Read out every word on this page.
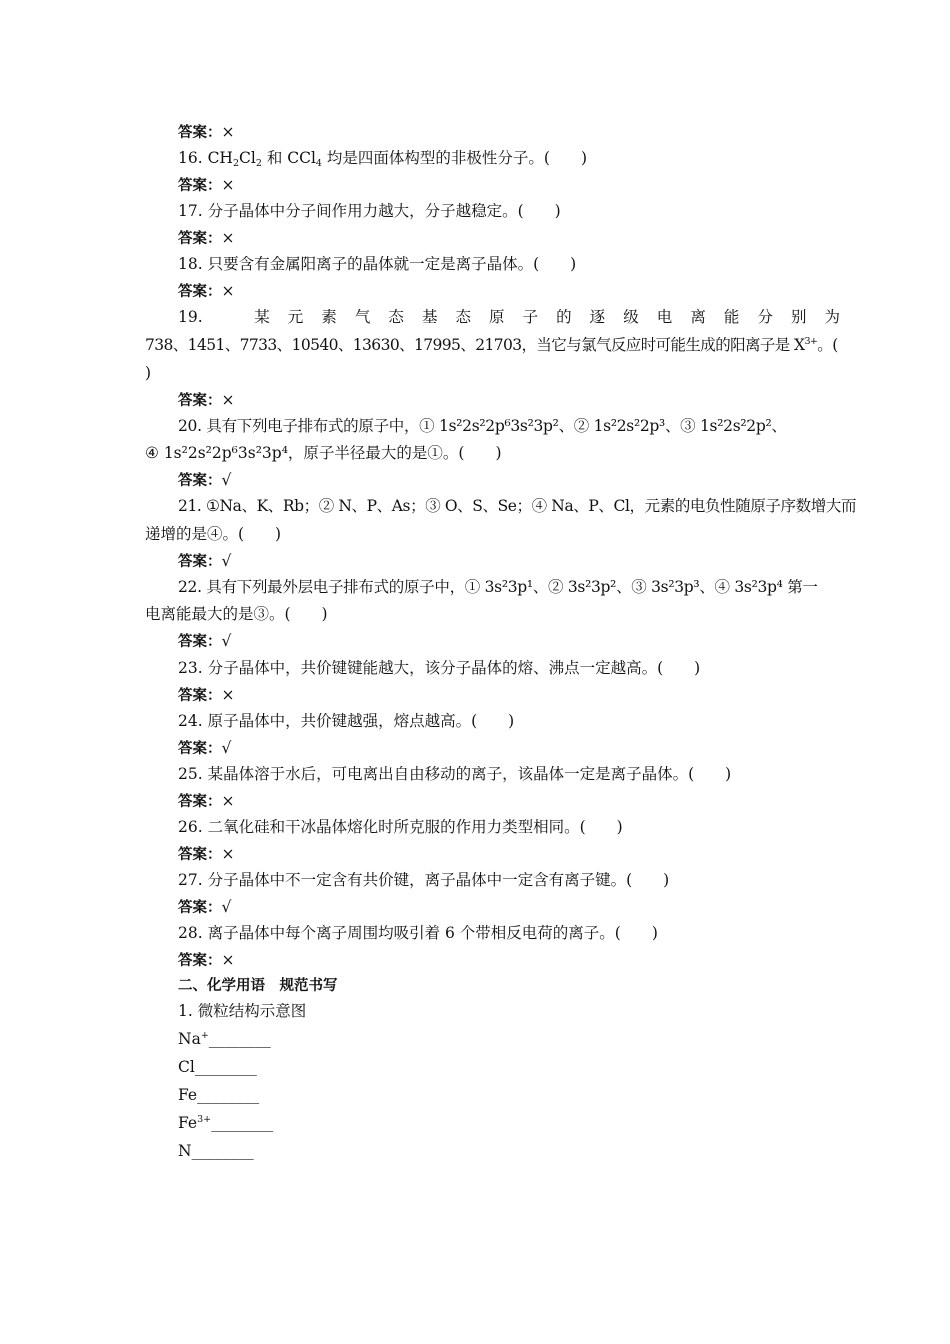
答案：×
16. $CH_2Cl_2$ 和 CCl$_4$ 均是四面体构型的非极性分子。(　　)
答案：×
17. 分子晶体中分子间作用力越大，分子越稳定。(　　)
答案：×
18. 只要含有金属阳离子的晶体就一定是离子晶体。(　　)
答案：×
19.　某元素气态基态原子的逐级电离能分别为
738、1451、7733、10540、13630、17995、21703，当它与氯气反应时可能生成的阳离子是 $X^{3+}$。(
)
答案：×
20. 具有下列电子排布式的原子中，① 1s²2s²2p⁶3s²3p²、② 1s²2s²2p³、③ 1s²2s²2p²、
④ 1s²2s²2p⁶3s²3p⁴，原子半径最大的是①。(　　)
答案：√
21. ①Na、K、Rb；② N、P、As；③ O、S、Se；④ Na、P、Cl，元素的电负性随原子序数增大而
递增的是④。(　　)
答案：√
22. 具有下列最外层电子排布式的原子中，① 3s²3p¹、② 3s²3p²、③ 3s²3p³、④ 3s²3p⁴ 第一
电离能最大的是③。(　　)
答案：√
23. 分子晶体中，共价键键能越大，该分子晶体的熔、沸点一定越高。(　　)
答案：×
24. 原子晶体中，共价键越强，熔点越高。(　　)
答案：√
25. 某晶体溶于水后，可电离出自由移动的离子，该晶体一定是离子晶体。(　　)
答案：×
26. 二氧化硅和干冰晶体熔化时所克服的作用力类型相同。(　　)
答案：×
27. 分子晶体中不一定含有共价键，离子晶体中一定含有离子键。(　　)
答案：√
28. 离子晶体中每个离子周围均吸引着 6 个带相反电荷的离子。(　　)
答案：×
二、化学用语　规范书写
1. 微粒结构示意图
Na+________
Cl________
Fe________
$Fe^{3+}\_\_\_\_\_\_\_\_$
N________
